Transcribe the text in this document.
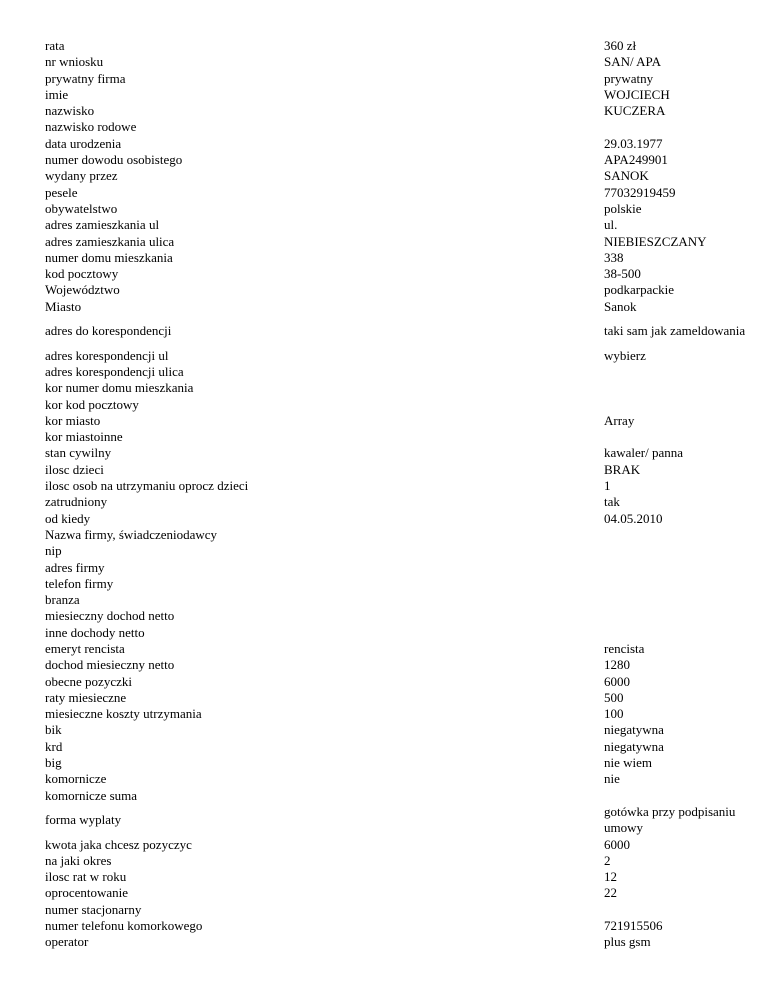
rata	360 zł
nr wniosku	SAN/ APA
prywatny firma	prywatny
imie	WOJCIECH
nazwisko	KUCZERA
nazwisko rodowe	
data urodzenia	29.03.1977
numer dowodu osobistego	APA249901
wydany przez	SANOK
pesele	77032919459
obywatelstwo	polskie
adres zamieszkania ul	ul.
adres zamieszkania ulica	NIEBIESZCZANY
numer domu mieszkania	338
kod pocztowy	38-500
Województwo	podkarpackie
Miasto	Sanok
adres do korespondencji	taki sam jak zameldowania
adres korespondencji ul	wybierz
adres korespondencji ulica	
kor numer domu mieszkania	
kor kod pocztowy	
kor miasto	Array
kor miastoinne	
stan cywilny	kawaler/ panna
ilosc dzieci	BRAK
ilosc osob na utrzymaniu oprocz dzieci	1
zatrudniony	tak
od kiedy	04.05.2010
Nazwa firmy, świadczeniodawcy	
nip	
adres firmy	
telefon firmy	
branza	
miesieczny dochod netto	
inne dochody netto	
emeryt rencista	rencista
dochod miesieczny netto	1280
obecne pozyczki	6000
raty miesieczne	500
miesieczne koszty utrzymania	100
bik	niegatywna
krd	niegatywna
big	nie wiem
komornicze	nie
komornicze suma	
forma wyplaty	gotówka przy podpisaniu umowy
kwota jaka chcesz pozyczyc	6000
na jaki okres	2
ilosc rat w roku	12
oprocentowanie	22
numer stacjonarny	
numer telefonu komorkowego	721915506
operator	plus gsm
